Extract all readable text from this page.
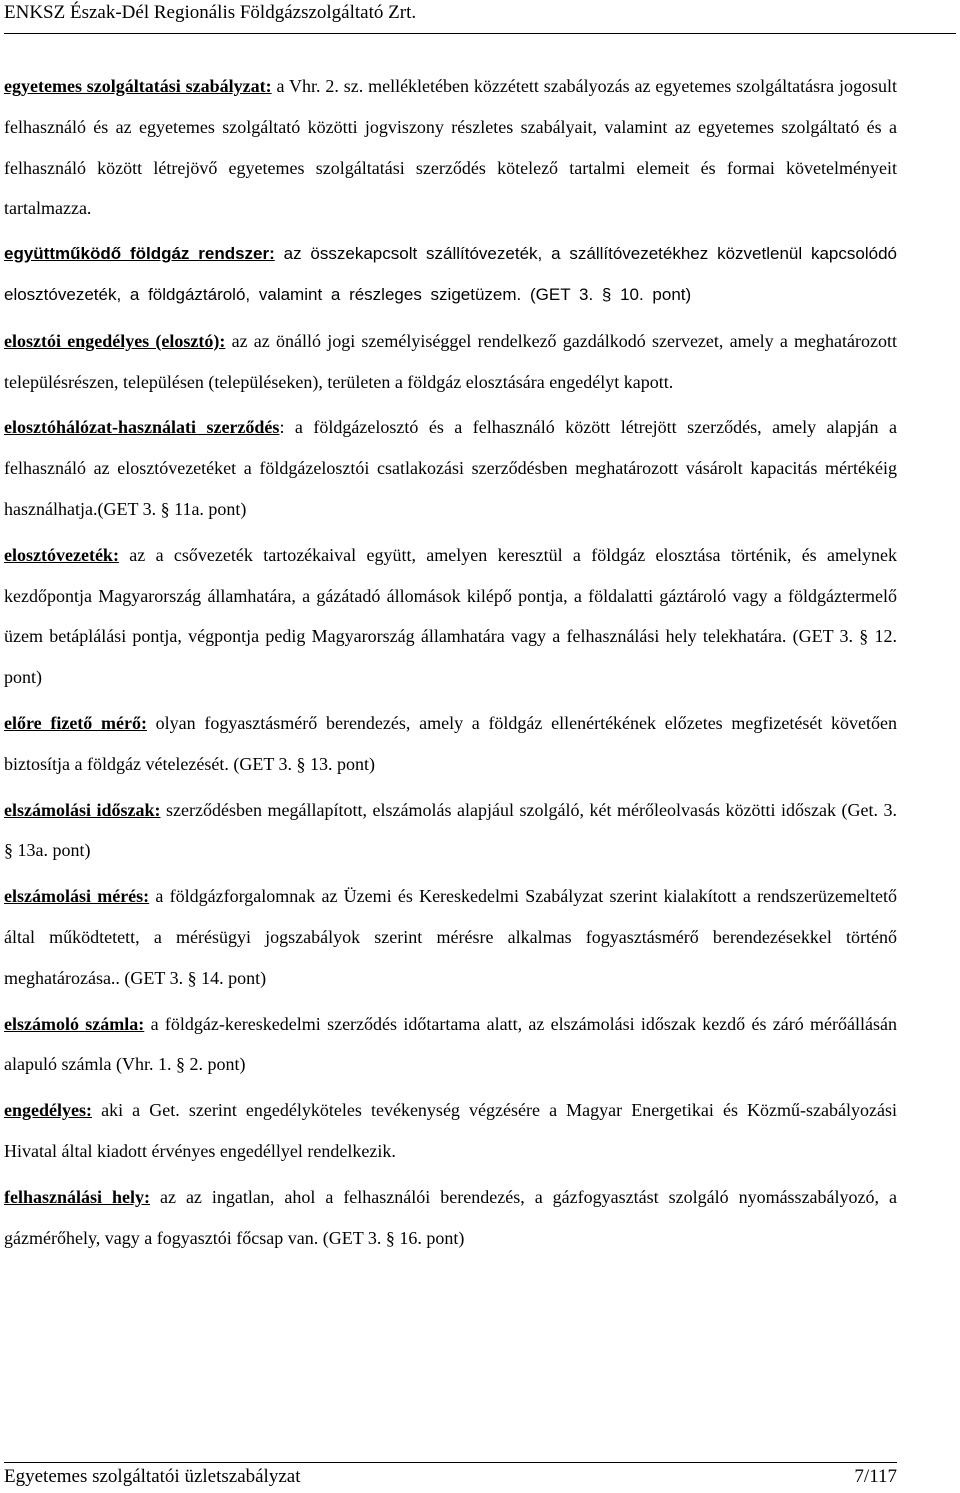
ENKSZ Észak-Dél Regionális Földgázszolgáltató Zrt.

egyetemes szolgáltatási szabályzat: a Vhr. 2. sz. mellékletében közzétett szabályozás az egyetemes szolgáltatásra jogosult felhasználó és az egyetemes szolgáltató közötti jogviszony részletes szabályait, valamint az egyetemes szolgáltató és a felhasználó között létrejövő egyetemes szolgáltatási szerződés kötelező tartalmi elemeit és formai követelményeit tartalmazza.

együttműködő földgáz rendszer: az összekapcsolt szállítóvezeték, a szállítóvezetékhez közvetlenül kapcsolódó elosztóvezeték, a földgáztároló, valamint a részleges szigetüzem. (GET 3. § 10. pont)

elosztói engedélyes (elosztó): az az önálló jogi személyiséggel rendelkező gazdálkodó szervezet, amely a meghatározott településrészen, településen (településeken), területen a földgáz elosztására engedélyt kapott.

elosztóhálózat-használati szerződés: a földgázelosztó és a felhasználó között létrejött szerződés, amely alapján a felhasználó az elosztóvezetéket a földgázelosztói csatlakozási szerződésben meghatározott vásárolt kapacitás mértékéig használhatja.(GET 3. § 11a. pont)

elosztóvezeték: az a csővezeték tartozékaival együtt, amelyen keresztül a földgáz elosztása történik, és amelynek kezdőpontja Magyarország államhatára, a gázátadó állomások kilépő pontja, a földalatti gáztároló vagy a földgáztermelő üzem betáplálási pontja, végpontja pedig Magyarország államhatára vagy a felhasználási hely telekhatára. (GET 3. § 12. pont)

előre fizető mérő: olyan fogyasztásmérő berendezés, amely a földgáz ellenértékének előzetes megfizetését követően biztosítja a földgáz vételezését. (GET 3. § 13. pont)

elszámolási időszak: szerződésben megállapított, elszámolás alapjául szolgáló, két mérőleolvasás közötti időszak (Get. 3. § 13a. pont)

elszámolási mérés: a földgázforgalomnak az Üzemi és Kereskedelmi Szabályzat szerint kialakított a rendszerüzemeltető által működtetett, a mérésügyi jogszabályok szerint mérésre alkalmas fogyasztásmérő berendezésekkel történő meghatározása.. (GET 3. § 14. pont)

elszámoló számla: a földgáz-kereskedelmi szerződés időtartama alatt, az elszámolási időszak kezdő és záró mérőállásán alapuló számla (Vhr. 1. § 2. pont)

engedélyes: aki a Get. szerint engedélyköteles tevékenység végzésére a Magyar Energetikai és Közmű-szabályozási Hivatal által kiadott érvényes engedéllyel rendelkezik.

felhasználási hely: az az ingatlan, ahol a felhasználói berendezés, a gázfogyasztást szolgáló nyomásszabályozó, a gázmérőhely, vagy a fogyasztói főcsap van. (GET 3. § 16. pont)

Egyetemes szolgáltatói üzletszabályzat	7/117
